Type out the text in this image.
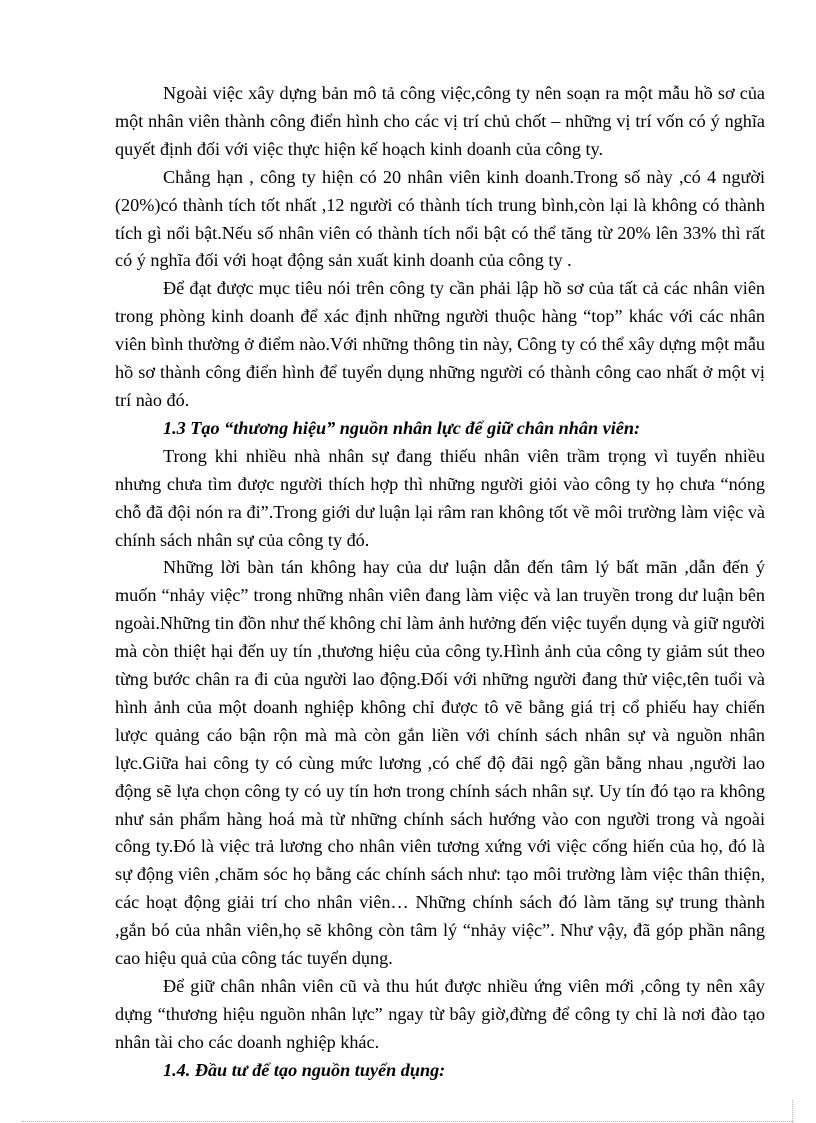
Ngoài việc xây dựng bản mô tả công việc,công ty nên soạn ra một mẫu hồ sơ của một nhân viên thành công điển hình cho các vị trí chủ chốt – những vị trí vốn có ý nghĩa quyết định đối với việc thực hiện kế hoạch kinh doanh của công ty.

Chẳng hạn , công ty hiện có 20 nhân viên kinh doanh.Trong số này ,có 4 người (20%)có thành tích tốt nhất ,12 người có thành tích trung bình,còn lại là không có thành tích gì nổi bật.Nếu số nhân viên có thành tích nổi bật có thể tăng từ 20% lên 33% thì rất có ý nghĩa đối với hoạt động sản xuất kinh doanh của công ty .

Để đạt được mục tiêu nói trên công ty cần phải lập hồ sơ của tất cả các nhân viên trong phòng kinh doanh để xác định những người thuộc hàng “top” khác với các nhân viên bình thường ở điểm nào.Với những thông tin này, Công ty có thể xây dựng một mẫu hồ sơ thành công điển hình để tuyển dụng những người có thành công cao nhất ở một vị trí nào đó.

1.3 Tạo “thương hiệu” nguồn nhân lực để giữ chân nhân viên:

Trong khi nhiều nhà nhân sự đang thiếu nhân viên trầm trọng vì tuyển nhiều nhưng chưa tìm được người thích hợp thì những người giỏi vào công ty họ chưa “nóng chỗ đã đội nón ra đi”.Trong giới dư luận lại râm ran không tốt về môi trường làm việc và chính sách nhân sự của công ty đó.

Những lời bàn tán không hay của dư luận dẫn đến tâm lý bất mãn ,dẫn đến ý muốn “nhảy việc” trong những nhân viên đang làm việc và lan truyền trong dư luận bên ngoài.Những tin đồn như thế không chỉ làm ảnh hưởng đến việc tuyển dụng và giữ người mà còn thiệt hại đến uy tín ,thương hiệu của công ty.Hình ảnh của công ty giảm sút theo từng bước chân ra đi của người lao động.Đối với những người đang thử việc,tên tuổi và hình ảnh của một doanh nghiệp không chỉ được tô vẽ bằng giá trị cổ phiếu hay chiến lược quảng cáo bận rộn mà mà còn gắn liền với chính sách nhân sự và nguồn nhân lực.Giữa hai công ty có cùng mức lương ,có chế độ đãi ngộ gần bằng nhau ,người lao động sẽ lựa chọn công ty có uy tín hơn trong chính sách nhân sự. Uy tín đó tạo ra không như sản phẩm hàng hoá mà từ những chính sách hướng vào con người trong và ngoài công ty.Đó là việc trả lương cho nhân viên tương xứng với việc cống hiến của họ, đó là sự động viên ,chăm sóc họ bằng các chính sách như: tạo môi trường làm việc thân thiện, các hoạt động giải trí cho nhân viên… Những chính sách đó làm tăng sự trung thành ,gắn bó của nhân viên,họ sẽ không còn tâm lý “nhảy việc”. Như vậy, đã góp phần nâng cao hiệu quả của công tác tuyển dụng.

Để giữ chân nhân viên cũ và thu hút được nhiều ứng viên mới ,công ty nên xây dựng “thương hiệu nguồn nhân lực” ngay từ bây giờ,đừng để công ty chỉ là nơi đào tạo nhân tài cho các doanh nghiệp khác.

1.4. Đầu tư để tạo nguồn tuyển dụng:
